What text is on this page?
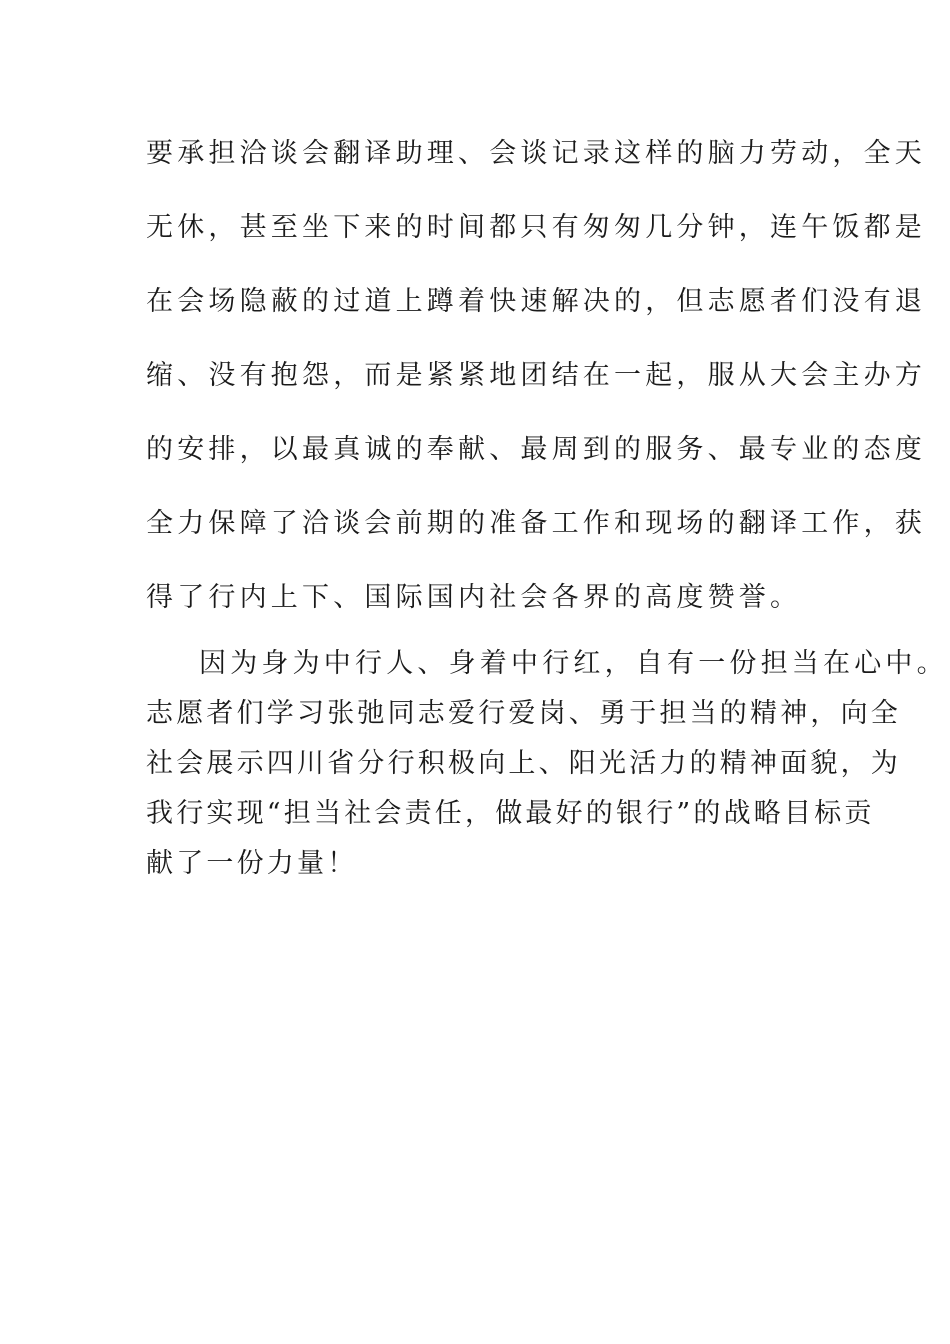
要承担洽谈会翻译助理、会谈记录这样的脑力劳动，全天

无休，甚至坐下来的时间都只有匆匆几分钟，连午饭都是

在会场隐蔽的过道上蹲着快速解决的，但志愿者们没有退

缩、没有抱怨，而是紧紧地团结在一起，服从大会主办方

的安排，以最真诚的奉献、最周到的服务、最专业的态度

全力保障了洽谈会前期的准备工作和现场的翻译工作，获

得了行内上下、国际国内社会各界的高度赞誉。

因为身为中行人、身着中行红，自有一份担当在心中。

志愿者们学习张弛同志爱行爱岗、勇于担当的精神，向全

社会展示四川省分行积极向上、阳光活力的精神面貌，为

我行实现“担当社会责任，做最好的银行”的战略目标贡

献了一份力量！
